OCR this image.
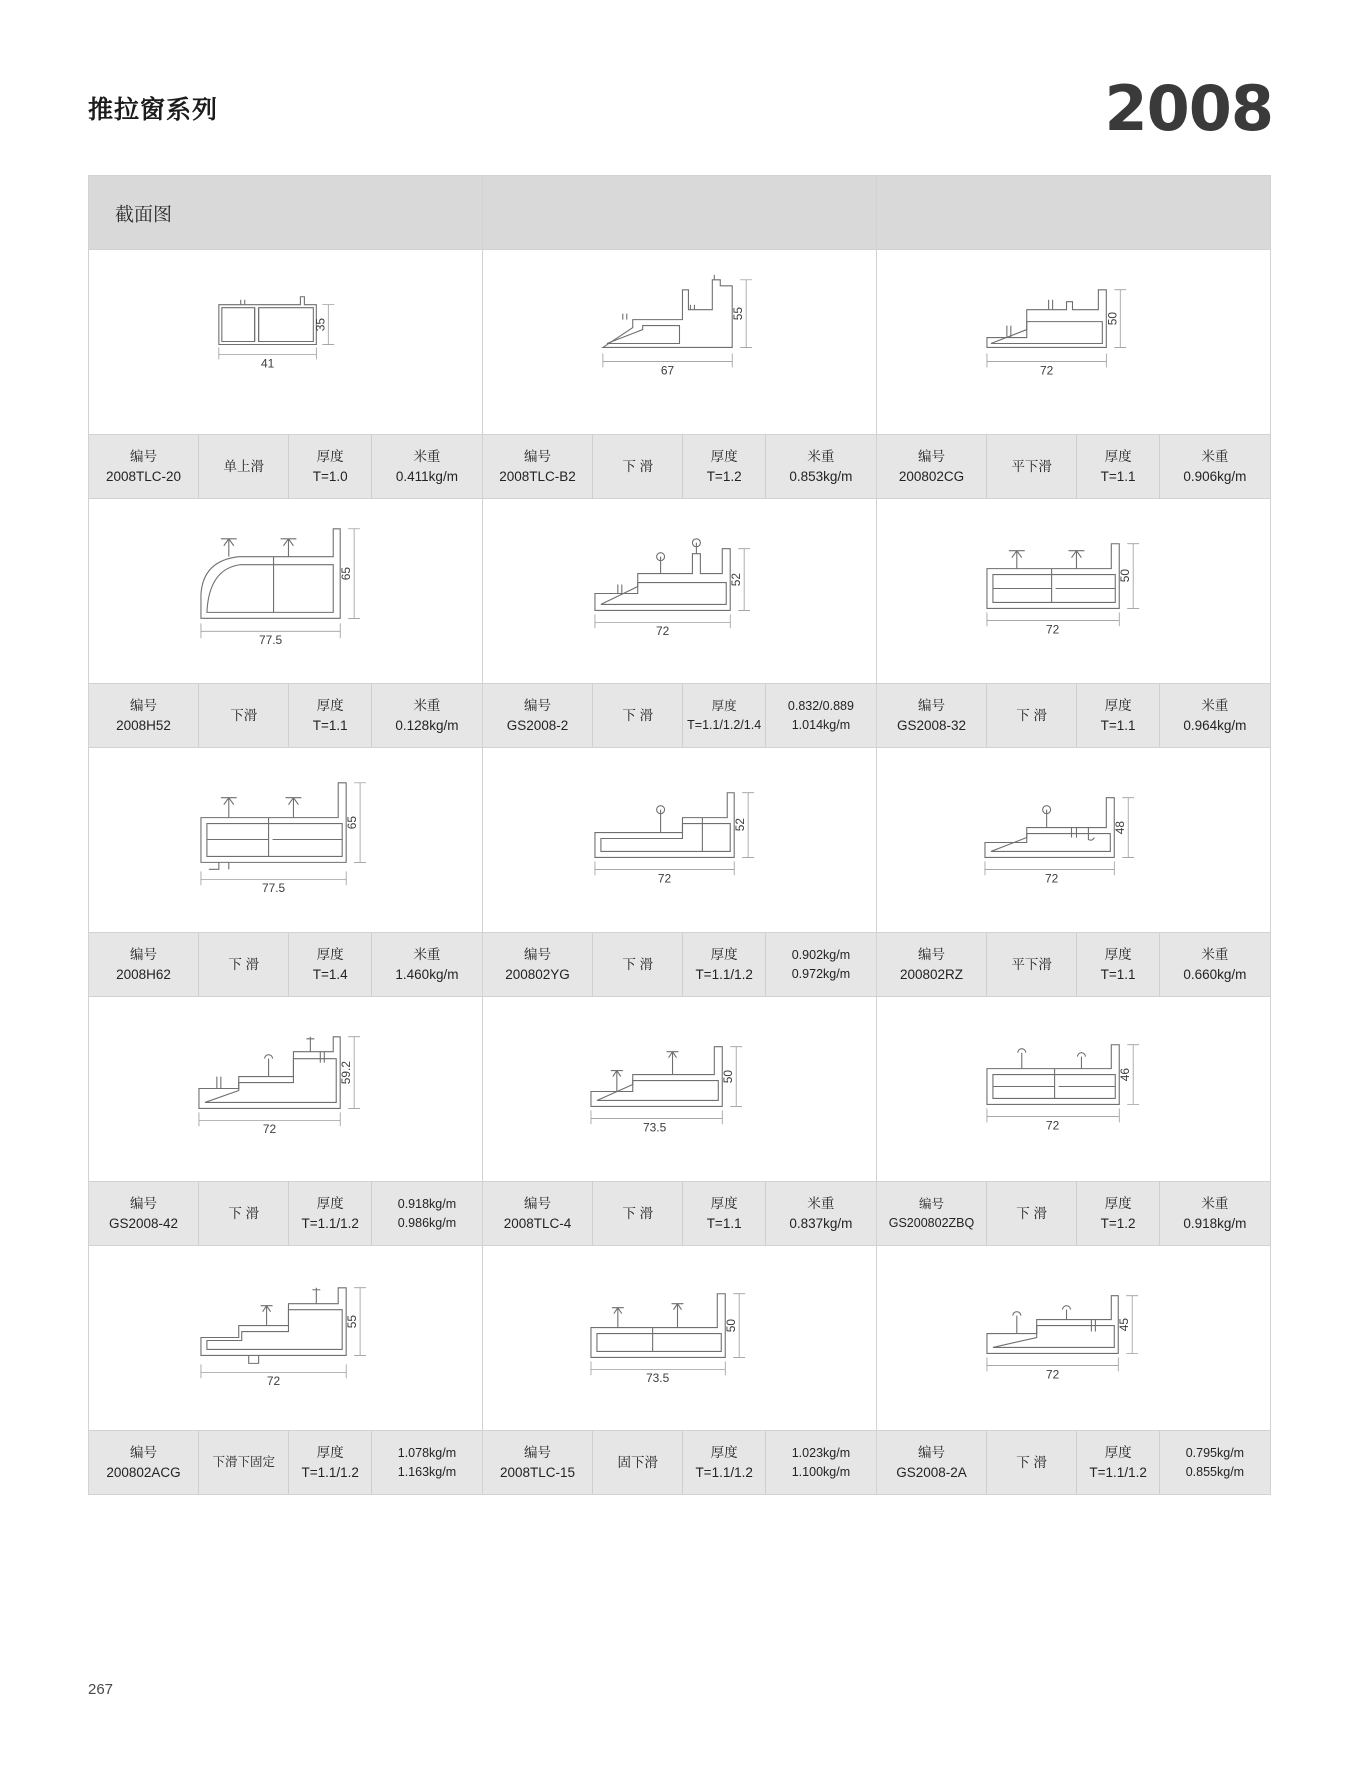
推拉窗系列	2008
截面图
41
35
67
55
72
50
编号
2008TLC-20
单上滑
厚度
T=1.0
米重
0.411kg/m
编号
2008TLC-B2
下 滑
厚度
T=1.2
米重
0.853kg/m
编号
200802CG
平下滑
厚度
T=1.1
米重
0.906kg/m
77.5
65
72
52
72
50
编号
2008H52
下滑
厚度
T=1.1
米重
0.128kg/m
编号
GS2008-2
下 滑
厚度
T=1.1/1.2/1.4
0.832/0.889
1.014kg/m
编号
GS2008-32
下 滑
厚度
T=1.1
米重
0.964kg/m
77.5
65
72
52
72
48
编号
2008H62
下 滑
厚度
T=1.4
米重
1.460kg/m
编号
200802YG
下 滑
厚度
T=1.1/1.2
0.902kg/m
0.972kg/m
编号
200802RZ
平下滑
厚度
T=1.1
米重
0.660kg/m
72
59.2
73.5
50
72
46
编号
GS2008-42
下 滑
厚度
T=1.1/1.2
0.918kg/m
0.986kg/m
编号
2008TLC-4
下 滑
厚度
T=1.1
米重
0.837kg/m
编号
GS200802ZBQ
下 滑
厚度
T=1.2
米重
0.918kg/m
72
55
73.5
50
72
45
编号
200802ACG
下滑下固定
厚度
T=1.1/1.2
1.078kg/m
1.163kg/m
编号
2008TLC-15
固下滑
厚度
T=1.1/1.2
1.023kg/m
1.100kg/m
编号
GS2008-2A
下 滑
厚度
T=1.1/1.2
0.795kg/m
0.855kg/m
267
